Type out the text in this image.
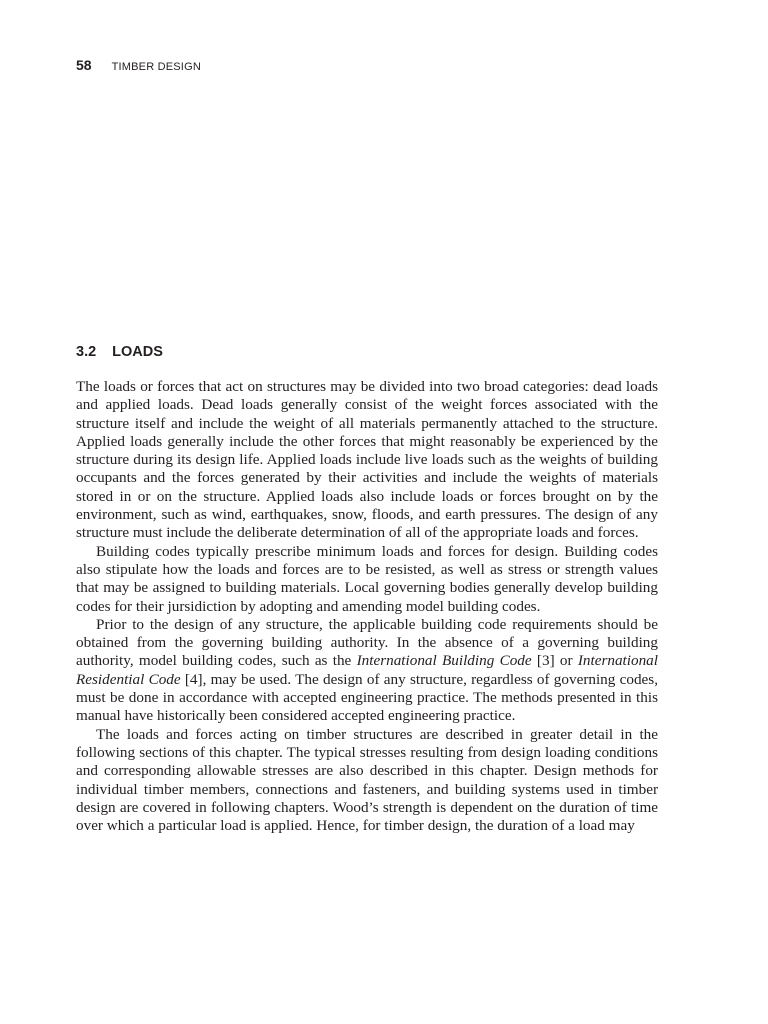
58 TIMBER DESIGN
3.2 LOADS

The loads or forces that act on structures may be divided into two broad categories: dead loads and applied loads. Dead loads generally consist of the weight forces associated with the structure itself and include the weight of all materials permanently attached to the structure. Applied loads generally include the other forces that might reasonably be experienced by the structure during its design life. Applied loads include live loads such as the weights of building occupants and the forces generated by their activities and include the weights of materials stored in or on the structure. Applied loads also include loads or forces brought on by the environment, such as wind, earthquakes, snow, floods, and earth pressures. The design of any structure must include the deliberate determination of all of the appropriate loads and forces.

Building codes typically prescribe minimum loads and forces for design. Building codes also stipulate how the loads and forces are to be resisted, as well as stress or strength values that may be assigned to building materials. Local governing bodies generally develop building codes for their jursidiction by adopting and amending model building codes.

Prior to the design of any structure, the applicable building code requirements should be obtained from the governing building authority. In the absence of a governing building authority, model building codes, such as the International Building Code [3] or International Residential Code [4], may be used. The design of any structure, regardless of governing codes, must be done in accordance with accepted engineering practice. The methods presented in this manual have historically been considered accepted engineering practice.

The loads and forces acting on timber structures are described in greater detail in the following sections of this chapter. The typical stresses resulting from design loading conditions and corresponding allowable stresses are also described in this chapter. Design methods for individual timber members, connections and fasteners, and building systems used in timber design are covered in following chapters. Wood’s strength is dependent on the duration of time over which a particular load is applied. Hence, for timber design, the duration of a load may
